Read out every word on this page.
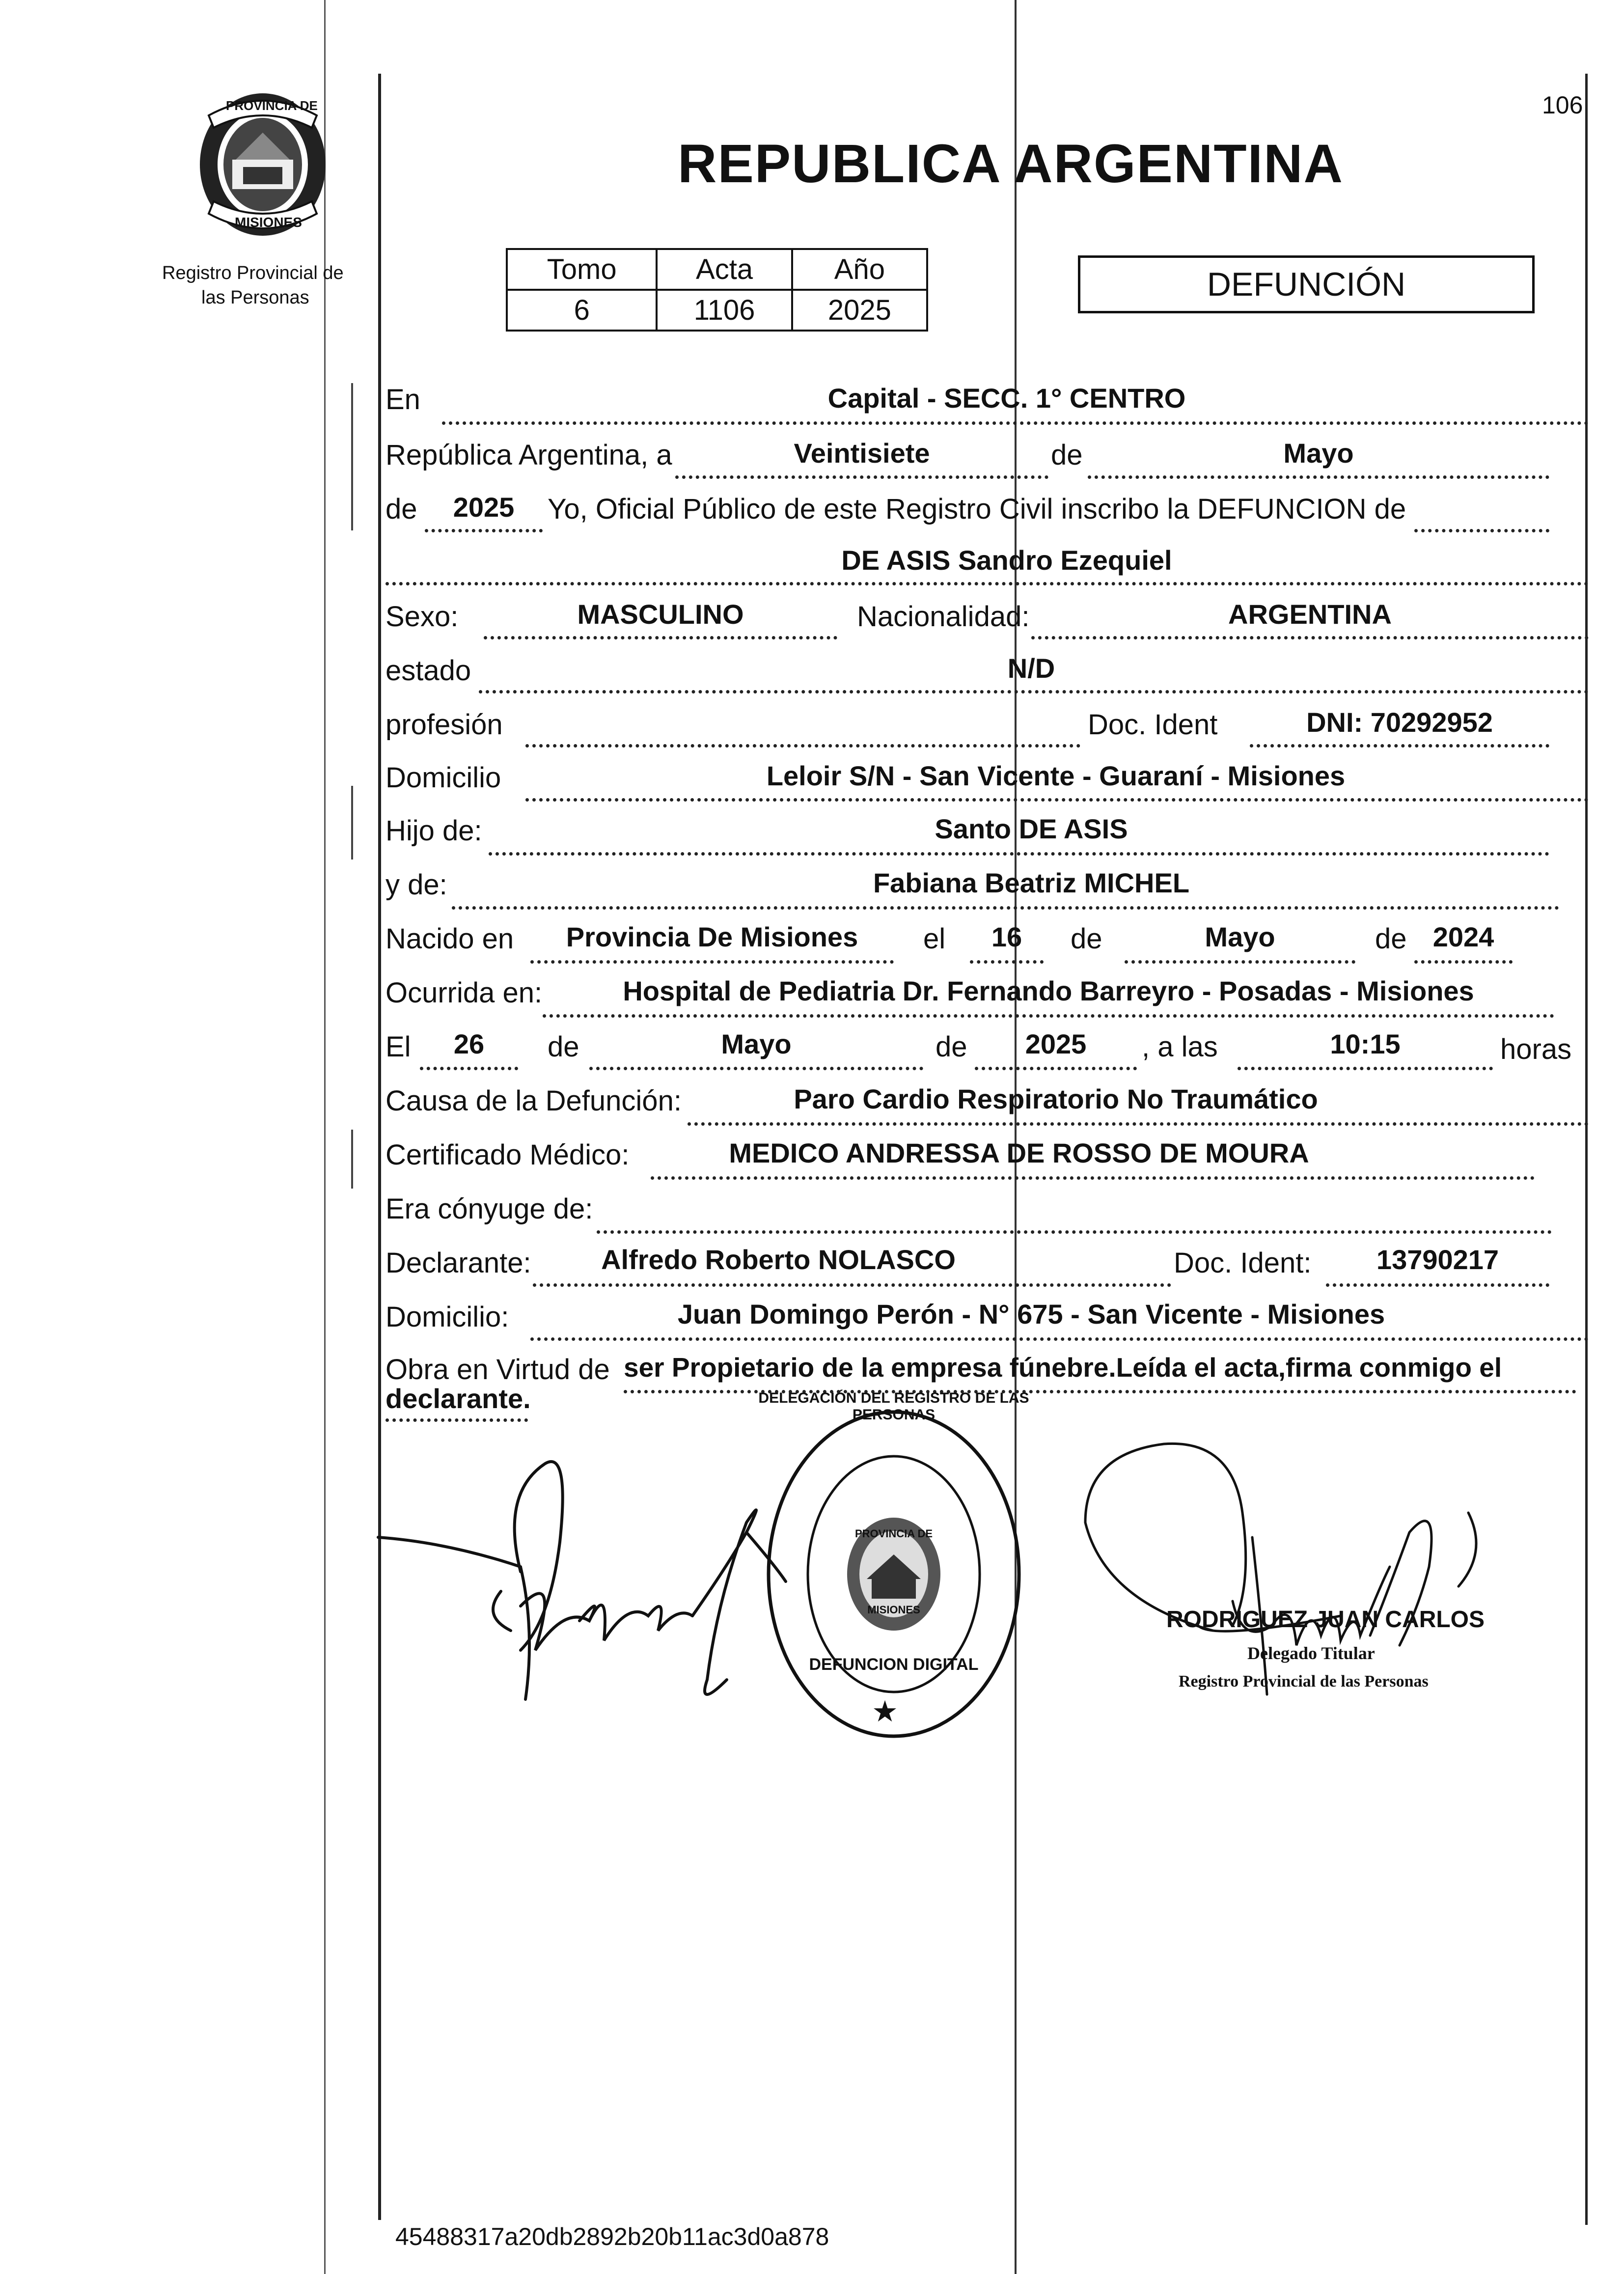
106
PROVINCIA DE
MISIONES
Registro Provincial de
las Personas
REPUBLICA ARGENTINA
Tomo	Acta	Año
6	1106	2025
DEFUNCIÓN
En	Capital - SECC. 1° CENTRO
República Argentina, a	Veintisiete	de	Mayo
de	2025	Yo, Oficial Público de este Registro Civil inscribo la DEFUNCION de
DE ASIS Sandro Ezequiel
Sexo:	MASCULINO	Nacionalidad:	ARGENTINA
estado	N/D
profesión	Doc. Ident	DNI: 70292952
Domicilio	Leloir S/N - San Vicente - Guaraní - Misiones
Hijo de:	Santo DE ASIS
y de:	Fabiana Beatriz MICHEL
Nacido en	Provincia De Misiones	el	16	de	Mayo	de 2024
Ocurrida en:	Hospital de Pediatria Dr. Fernando Barreyro - Posadas - Misiones
El	26	de	Mayo	de	2025	, a las	10:15	horas
Causa de la Defunción:	Paro Cardio Respiratorio No Traumático
Certificado Médico:	MEDICO ANDRESSA DE ROSSO DE MOURA
Era cónyuge de:
Declarante:	Alfredo Roberto NOLASCO	Doc. Ident:	13790217
Domicilio:	Juan Domingo Perón - N° 675 - San Vicente - Misiones
Obra en Virtud de ser Propietario de la empresa fúnebre.Leída el acta,firma conmigo el
declarante.
★
DELEGACIÓN DEL REGISTRO DE LAS PERSONAS
DEFUNCION DIGITAL
PROVINCIA DE
MISIONES	RODRIGUEZ JUAN CARLOS
Delegado Titular
Registro Provincial de las Personas
45488317a20db2892b20b11ac3d0a878
